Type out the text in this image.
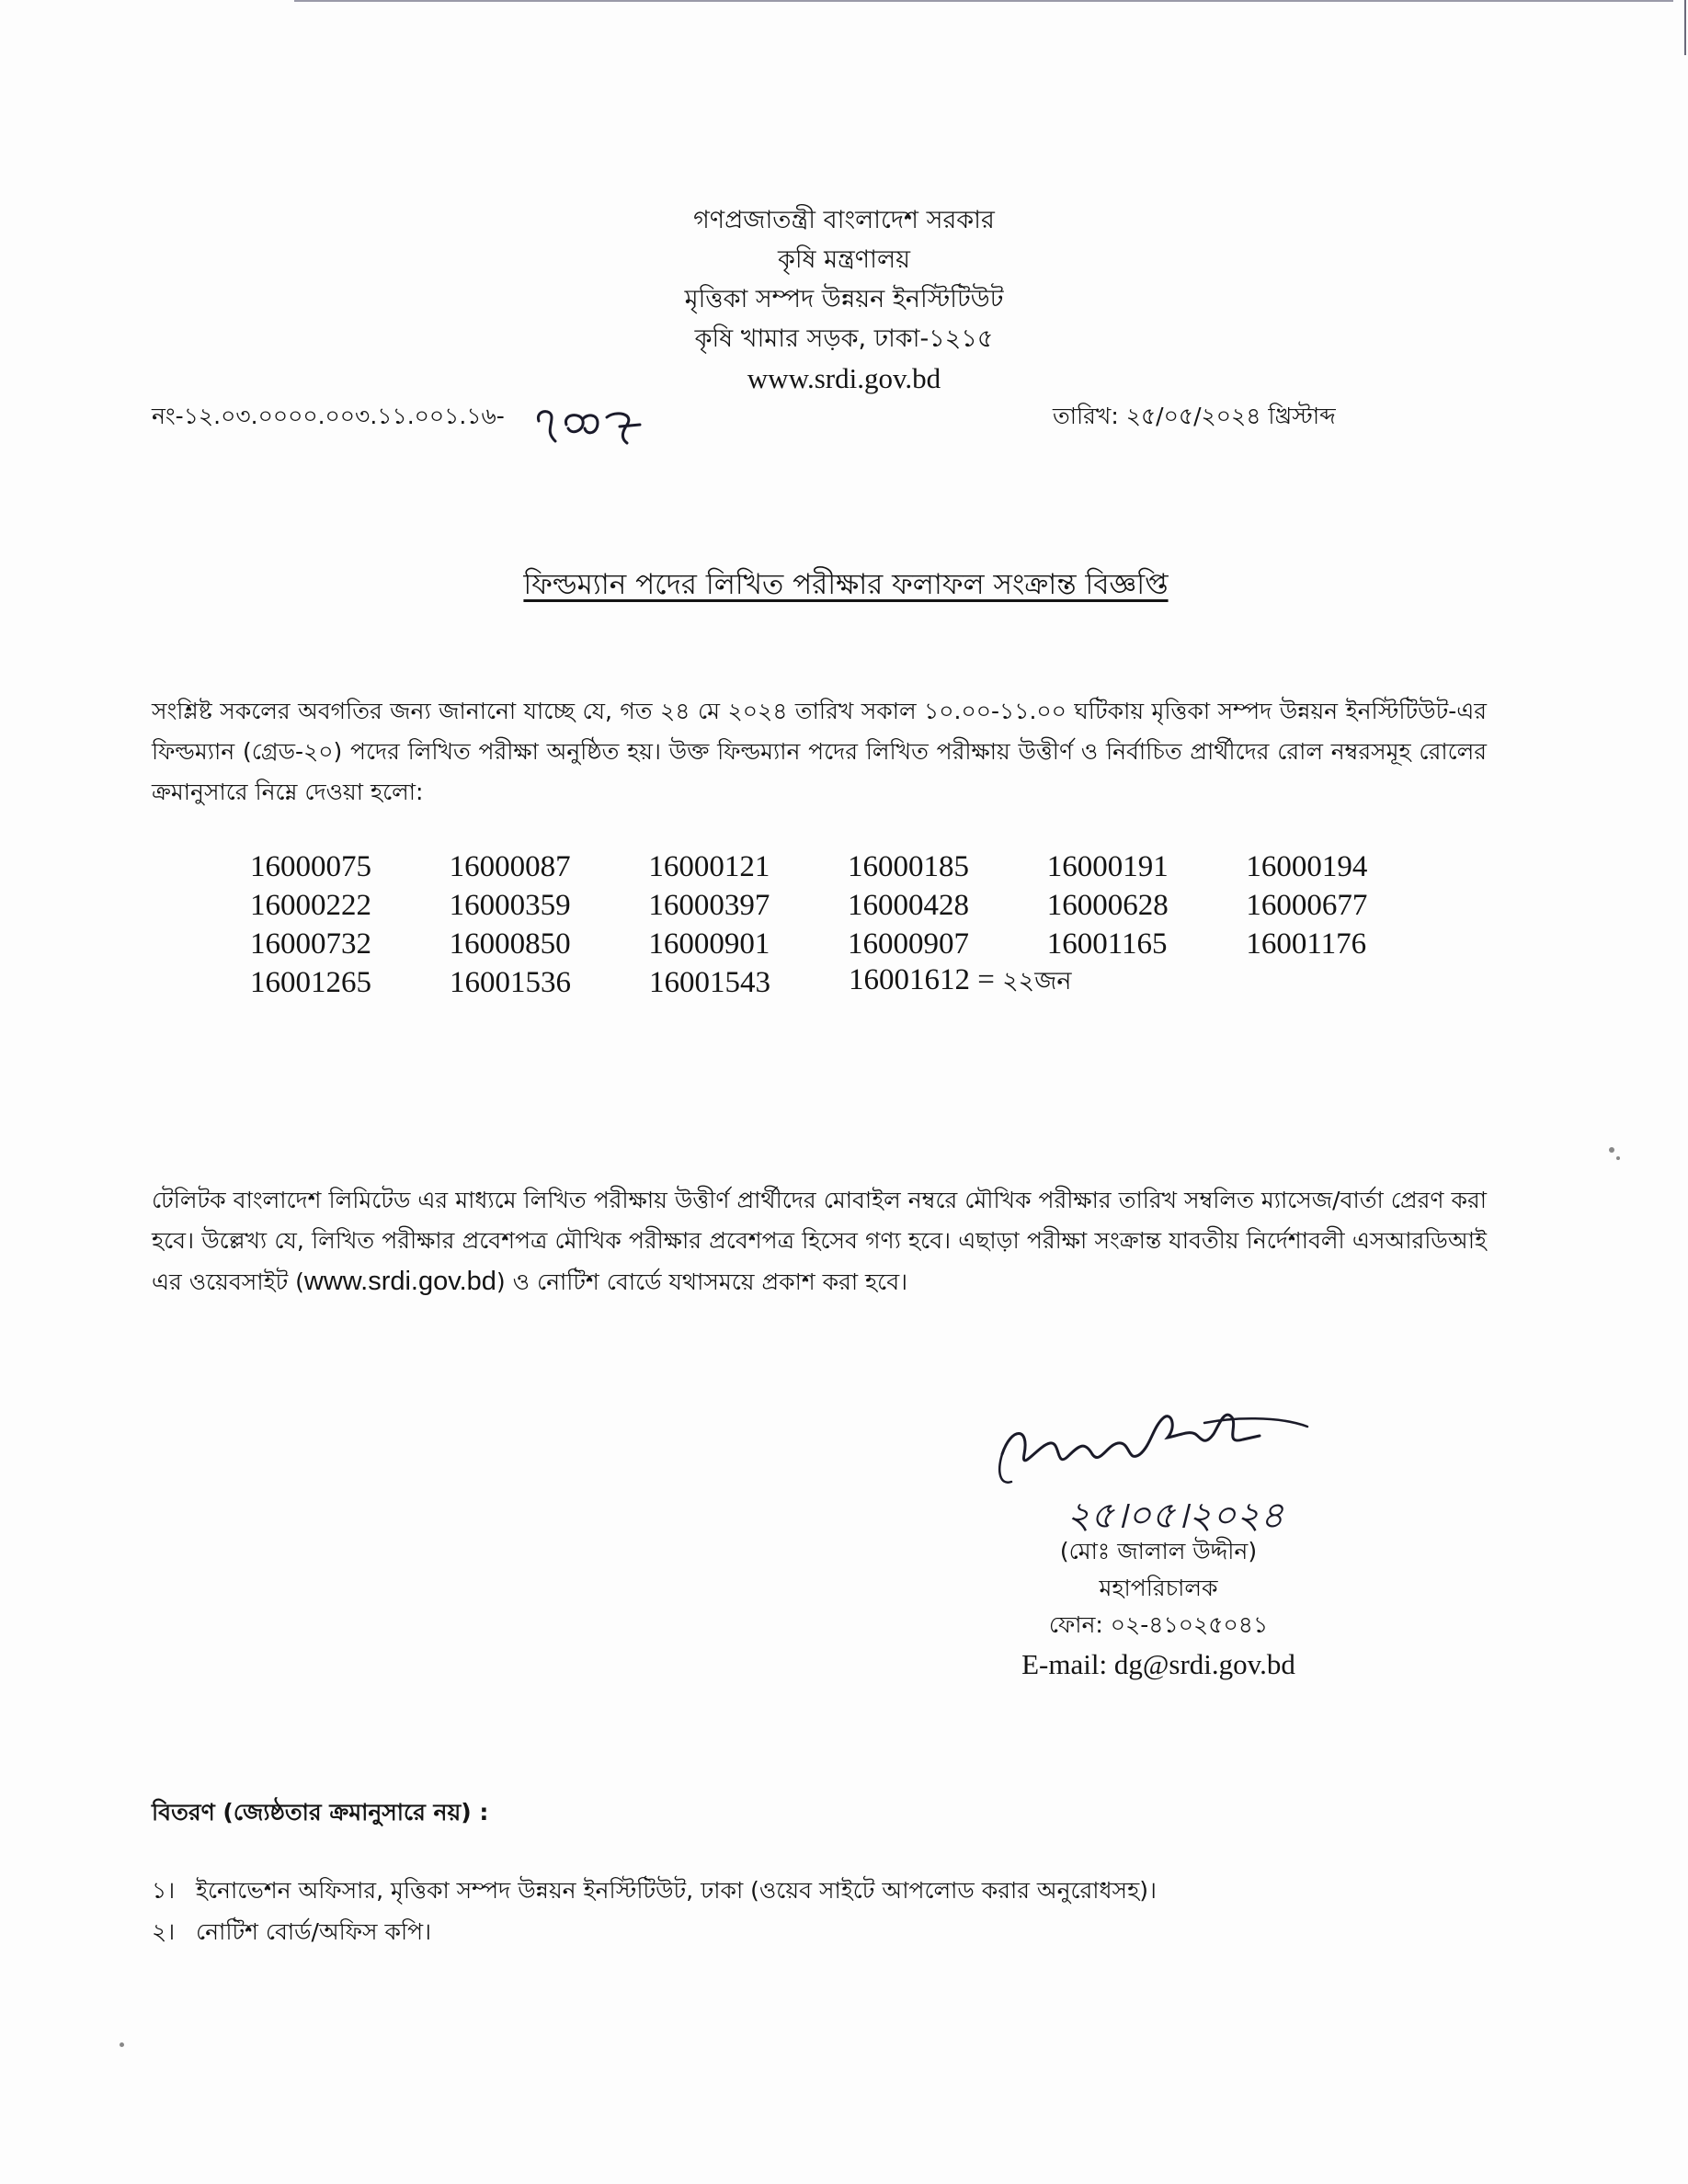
গণপ্রজাতন্ত্রী বাংলাদেশ সরকার
কৃষি মন্ত্রণালয়
মৃত্তিকা সম্পদ উন্নয়ন ইনস্টিটিউট
কৃষি খামার সড়ক, ঢাকা-১২১৫
www.srdi.gov.bd
নং-১২.০৩.০০০০.০০৩.১১.০০১.১৬-	তারিখ: ২৫/০৫/২০২৪ খ্রিস্টাব্দ
ফিল্ডম্যান পদের লিখিত পরীক্ষার ফলাফল সংক্রান্ত বিজ্ঞপ্তি
সংশ্লিষ্ট সকলের অবগতির জন্য জানানো যাচ্ছে যে, গত ২৪ মে ২০২৪ তারিখ সকাল ১০.০০-১১.০০ ঘটিকায় মৃত্তিকা সম্পদ উন্নয়ন ইনস্টিটিউট-এর ফিল্ডম্যান (গ্রেড-২০) পদের লিখিত পরীক্ষা অনুষ্ঠিত হয়। উক্ত ফিল্ডম্যান পদের লিখিত পরীক্ষায় উত্তীর্ণ ও নির্বাচিত প্রার্থীদের রোল নম্বরসমূহ রোলের ক্রমানুসারে নিম্নে দেওয়া হলো:
16000075	16000087	16000121	16000185	16000191	16000194
16000222	16000359	16000397	16000428	16000628	16000677
16000732	16000850	16000901	16000907	16001165	16001176
16001265	16001536	16001543	16001612 = ২২জন
টেলিটক বাংলাদেশ লিমিটেড এর মাধ্যমে লিখিত পরীক্ষায় উত্তীর্ণ প্রার্থীদের মোবাইল নম্বরে মৌখিক পরীক্ষার তারিখ সম্বলিত ম্যাসেজ/বার্তা প্রেরণ করা হবে। উল্লেখ্য যে, লিখিত পরীক্ষার প্রবেশপত্র মৌখিক পরীক্ষার প্রবেশপত্র হিসেব গণ্য হবে। এছাড়া পরীক্ষা সংক্রান্ত যাবতীয় নির্দেশাবলী এসআরডিআই এর ওয়েবসাইট (www.srdi.gov.bd) ও নোটিশ বোর্ডে যথাসময়ে প্রকাশ করা হবে।
২৫।০৫।২০২৪
(মোঃ জালাল উদ্দীন)
মহাপরিচালক
ফোন: ০২-৪১০২৫০৪১
E-mail: dg@srdi.gov.bd
বিতরণ (জ্যেষ্ঠতার ক্রমানুসারে নয়) :
১। ইনোভেশন অফিসার, মৃত্তিকা সম্পদ উন্নয়ন ইনস্টিটিউট, ঢাকা (ওয়েব সাইটে আপলোড করার অনুরোধসহ)।
২। নোটিশ বোর্ড/অফিস কপি।
